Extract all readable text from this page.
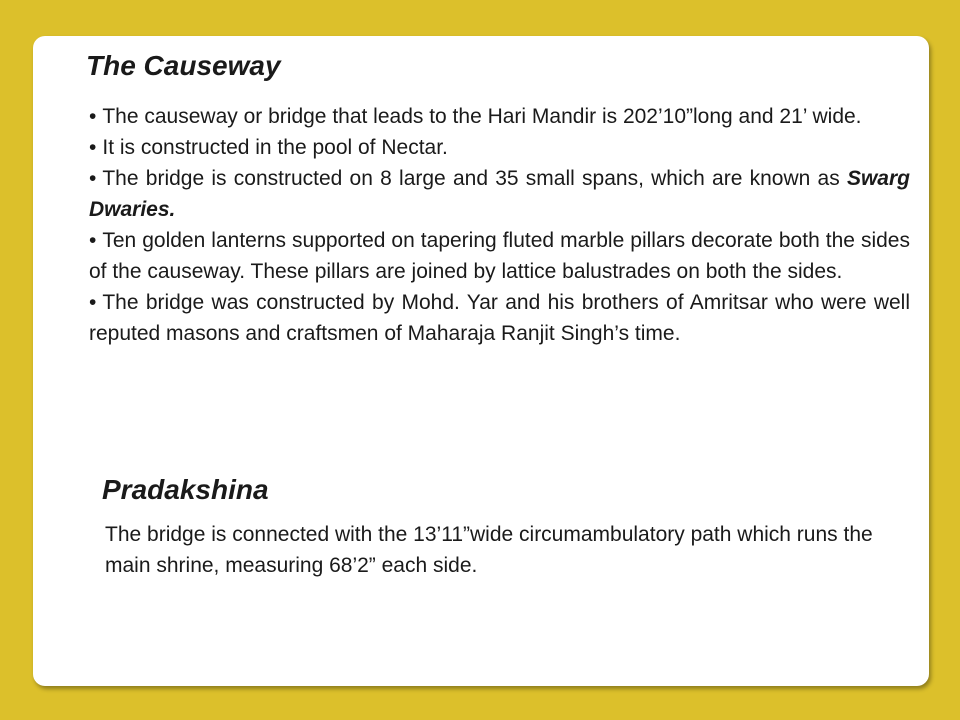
The Causeway
• The causeway or bridge that leads to the Hari Mandir is 202’10”long and 21’ wide.
• It is constructed in the pool of Nectar.
• The bridge is constructed on 8 large and 35 small spans, which are known as Swarg Dwaries.
• Ten golden lanterns supported on tapering fluted marble pillars decorate both the sides of the causeway. These pillars are joined by lattice balustrades on both the sides.
• The bridge was constructed by Mohd. Yar and his brothers of Amritsar who were well reputed masons and craftsmen of Maharaja Ranjit Singh’s time.
Pradakshina

The bridge is connected with the 13’11”wide circumambulatory path which runs the main shrine, measuring 68’2” each side.
